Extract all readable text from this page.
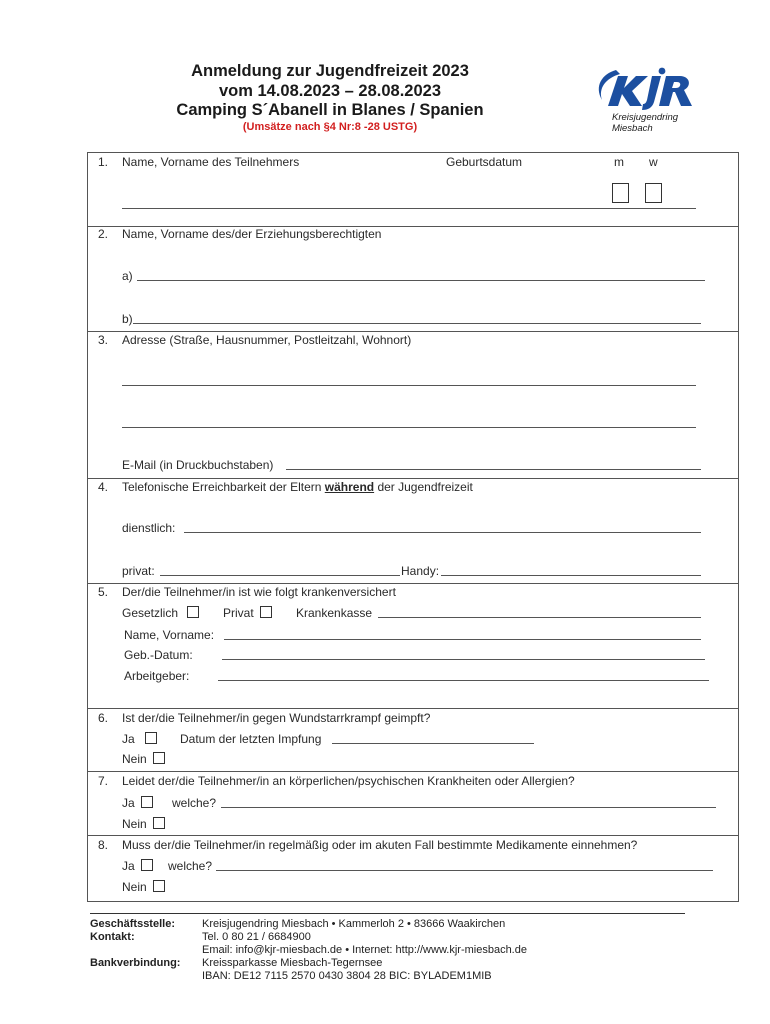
Anmeldung zur Jugendfreizeit 2023
vom 14.08.2023 – 28.08.2023
Camping S´Abanell in Blanes / Spanien
(Umsätze nach §4 Nr:8 -28 USTG)
Kreisjugendring
Miesbach
1. Name, Vorname des Teilnehmers	Geburtsdatum	m w
2. Name, Vorname des/der Erziehungsberechtigten
a)
b)
3. Adresse (Straße, Hausnummer, Postleitzahl, Wohnort)
E-Mail (in Druckbuchstaben)
4. Telefonische Erreichbarkeit der Eltern während der Jugendfreizeit
dienstlich:
privat:	Handy:
5. Der/die Teilnehmer/in ist wie folgt krankenversichert
Gesetzlich	Privat	Krankenkasse
Name, Vorname:
Geb.-Datum:
Arbeitgeber:
6. Ist der/die Teilnehmer/in gegen Wundstarrkrampf geimpft?
Ja	Datum der letzten Impfung
Nein
7. Leidet der/die Teilnehmer/in an körperlichen/psychischen Krankheiten oder Allergien?
Ja	welche?
Nein
8. Muss der/die Teilnehmer/in regelmäßig oder im akuten Fall bestimmte Medikamente einnehmen?
Ja	welche?
Nein
Geschäftsstelle: Kreisjugendring Miesbach • Kammerloh 2 • 83666 Waakirchen
Kontakt:	Tel. 0 80 21 / 6684900
Email: info@kjr-miesbach.de • Internet: http://www.kjr-miesbach.de
Bankverbindung: Kreissparkasse Miesbach-Tegernsee
IBAN: DE12 7115 2570 0430 3804 28 BIC: BYLADEM1MIB
